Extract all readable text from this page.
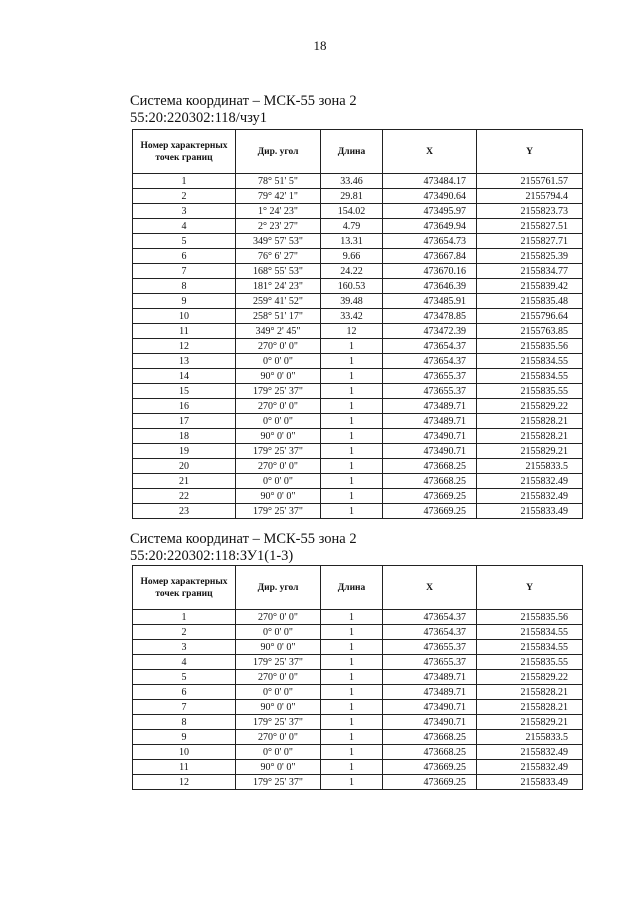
18
Система координат – МСК-55 зона 2
55:20:220302:118/чзу1
Номер характерных точек границ	Дир. угол	Длина	X	Y
1	78° 51' 5"	33.46	473484.17	2155761.57
2	79° 42' 1"	29.81	473490.64	2155794.4
3	1° 24' 23"	154.02	473495.97	2155823.73
4	2° 23' 27"	4.79	473649.94	2155827.51
5	349° 57' 53"	13.31	473654.73	2155827.71
6	76° 6' 27"	9.66	473667.84	2155825.39
7	168° 55' 53"	24.22	473670.16	2155834.77
8	181° 24' 23"	160.53	473646.39	2155839.42
9	259° 41' 52"	39.48	473485.91	2155835.48
10	258° 51' 17"	33.42	473478.85	2155796.64
11	349° 2' 45"	12	473472.39	2155763.85
12	270° 0' 0"	1	473654.37	2155835.56
13	0° 0' 0"	1	473654.37	2155834.55
14	90° 0' 0"	1	473655.37	2155834.55
15	179° 25' 37"	1	473655.37	2155835.55
16	270° 0' 0"	1	473489.71	2155829.22
17	0° 0' 0"	1	473489.71	2155828.21
18	90° 0' 0"	1	473490.71	2155828.21
19	179° 25' 37"	1	473490.71	2155829.21
20	270° 0' 0"	1	473668.25	2155833.5
21	0° 0' 0"	1	473668.25	2155832.49
22	90° 0' 0"	1	473669.25	2155832.49
23	179° 25' 37"	1	473669.25	2155833.49
Система координат – МСК-55 зона 2
55:20:220302:118:ЗУ1(1-3)
Номер характерных точек границ	Дир. угол	Длина	X	Y
1	270° 0' 0"	1	473654.37	2155835.56
2	0° 0' 0"	1	473654.37	2155834.55
3	90° 0' 0"	1	473655.37	2155834.55
4	179° 25' 37"	1	473655.37	2155835.55
5	270° 0' 0"	1	473489.71	2155829.22
6	0° 0' 0"	1	473489.71	2155828.21
7	90° 0' 0"	1	473490.71	2155828.21
8	179° 25' 37"	1	473490.71	2155829.21
9	270° 0' 0"	1	473668.25	2155833.5
10	0° 0' 0"	1	473668.25	2155832.49
11	90° 0' 0"	1	473669.25	2155832.49
12	179° 25' 37"	1	473669.25	2155833.49
